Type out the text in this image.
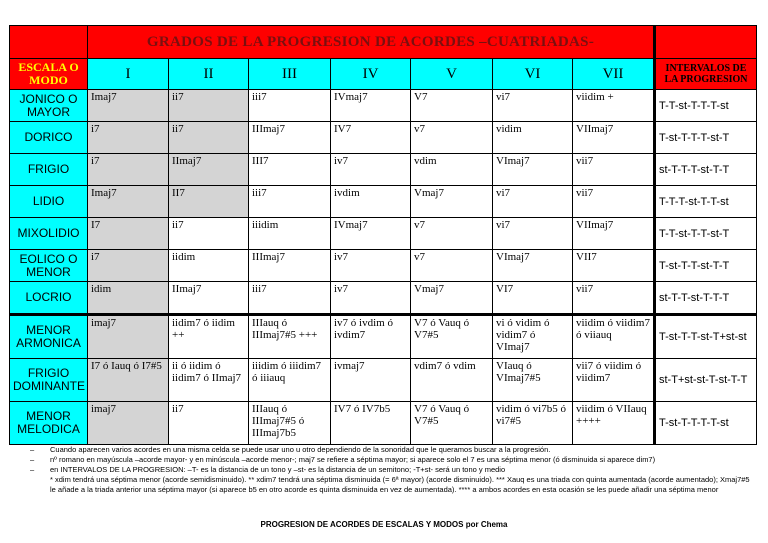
	GRADOS DE LA PROGRESION DE ACORDES –CUATRIADAS-							
ESCALA O MODO	I	II	III	IV	V	VI	VII	INTERVALOS DE LA PROGRESION
JONICO O MAYOR	Imaj7	ii7	iii7	IVmaj7	V7	vi7	viidim +	T-T-st-T-T-T-st
DORICO	i7	ii7	IIImaj7	IV7	v7	vidim	VIImaj7	T-st-T-T-T-st-T
FRIGIO	i7	IImaj7	III7	iv7	vdim	VImaj7	vii7	st-T-T-T-st-T-T
LIDIO	Imaj7	II7	iii7	ivdim	Vmaj7	vi7	vii7	T-T-T-st-T-T-st
MIXOLIDIO	I7	ii7	iiidim	IVmaj7	v7	vi7	VIImaj7	T-T-st-T-T-st-T
EOLICO O MENOR	i7	iidim	IIImaj7	iv7	v7	VImaj7	VII7	T-st-T-T-st-T-T
LOCRIO	idim	IImaj7	iii7	iv7	Vmaj7	VI7	vii7	st-T-T-st-T-T-T
MENOR ARMONICA	imaj7	iidim7 ó iidim ++	IIIauq ó IIImaj7#5 +++	iv7 ó ivdim ó ivdim7	V7 ó Vauq ó V7#5	vi ó vidim ó vidim7 ó VImaj7	viidim ó viidim7 ó viiauq	T-st-T-T-st-T+st-st
FRIGIO DOMINANTE	I7 ó Iauq ó I7#5	ii ó iidim ó iidim7 ó IImaj7	iiidim ó iiidim7 ó iiiauq	ivmaj7	vdim7 ó vdim	VIauq ó VImaj7#5	vii7 ó viidim ó viidim7	st-T+st-st-T-st-T-T
MENOR MELODICA	imaj7	ii7	IIIauq ó IIImaj7#5 ó IIImaj7b5	IV7 ó IV7b5	V7 ó Vauq ó V7#5	vidim ó vi7b5 ó vi7#5	viidim ó VIIauq ++++	T-st-T-T-T-T-st
–	Cuando aparecen varios acordes en una misma celda se puede usar uno u otro dependiendo de la sonoridad que le queramos buscar a la progresión.
–	nº romano en mayúscula –acorde mayor- y en minúscula –acorde menor-; maj7 se refiere a séptima mayor; si aparece solo el 7 es una séptima menor (ó disminuida si aparece dim7)
–	en INTERVALOS DE LA PROGRESION: –T- es la distancia de un tono y –st- es la distancia de un semitono; -T+st- será un tono y medio
* xdim tendrá una séptima menor (acorde semidisminuido). ** xdim7 tendrá una séptima disminuida (= 6ª mayor) (acorde disminuido). *** Xauq es una triada con quinta aumentada (acorde aumentado); Xmaj7#5 le añade a la triada anterior una séptima mayor (si aparece b5 en otro acorde es quinta disminuida en vez de aumentada). **** a ambos acordes en esta ocasión se les puede añadir una séptima menor
PROGRESION DE ACORDES DE ESCALAS Y MODOS por Chema
